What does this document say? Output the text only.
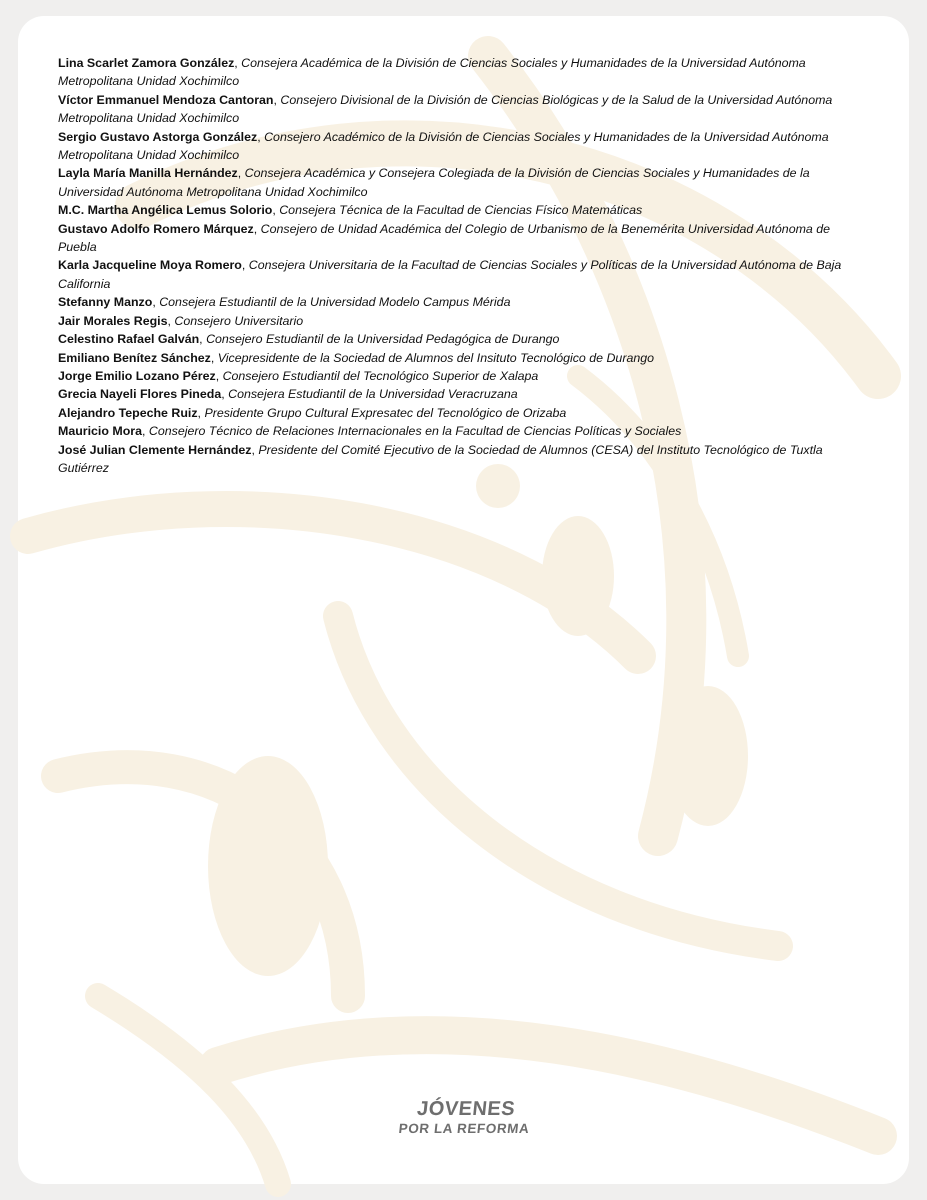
Lina Scarlet Zamora González, Consejera Académica de la División de Ciencias Sociales y Humanidades de la Universidad Autónoma Metropolitana Unidad Xochimilco

Víctor Emmanuel Mendoza Cantoran, Consejero Divisional de la División de Ciencias Biológicas y de la Salud de la Universidad Autónoma Metropolitana Unidad Xochimilco

Sergio Gustavo Astorga González, Consejero Académico de la División de Ciencias Sociales y Humanidades de la Universidad Autónoma Metropolitana Unidad Xochimilco

Layla María Manilla Hernández, Consejera Académica y Consejera Colegiada de la División de Ciencias Sociales y Humanidades de la Universidad Autónoma Metropolitana Unidad Xochimilco

M.C. Martha Angélica Lemus Solorio, Consejera Técnica de la Facultad de Ciencias Físico Matemáticas

Gustavo Adolfo Romero Márquez, Consejero de Unidad Académica del Colegio de Urbanismo de la Benemérita Universidad Autónoma de Puebla

Karla Jacqueline Moya Romero, Consejera Universitaria de la Facultad de Ciencias Sociales y Políticas de la Universidad Autónoma de Baja California

Stefanny Manzo, Consejera Estudiantil de la Universidad Modelo Campus Mérida

Jair Morales Regis, Consejero Universitario

Celestino Rafael Galván, Consejero Estudiantil de la Universidad Pedagógica de Durango

Emiliano Benítez Sánchez, Vicepresidente de la Sociedad de Alumnos del Insituto Tecnológico de Durango

Jorge Emilio Lozano Pérez, Consejero Estudiantil del Tecnológico Superior de Xalapa

Grecia Nayeli Flores Pineda, Consejera Estudiantil de la Universidad Veracruzana

Alejandro Tepeche Ruiz, Presidente Grupo Cultural Expresatec del Tecnológico de Orizaba

Mauricio Mora, Consejero Técnico de Relaciones Internacionales en la Facultad de Ciencias Políticas y Sociales

José Julian Clemente Hernández, Presidente del Comité Ejecutivo de la Sociedad de Alumnos (CESA) del Instituto Tecnológico de Tuxtla Gutiérrez

JÓVENES
POR LA REFORMA
